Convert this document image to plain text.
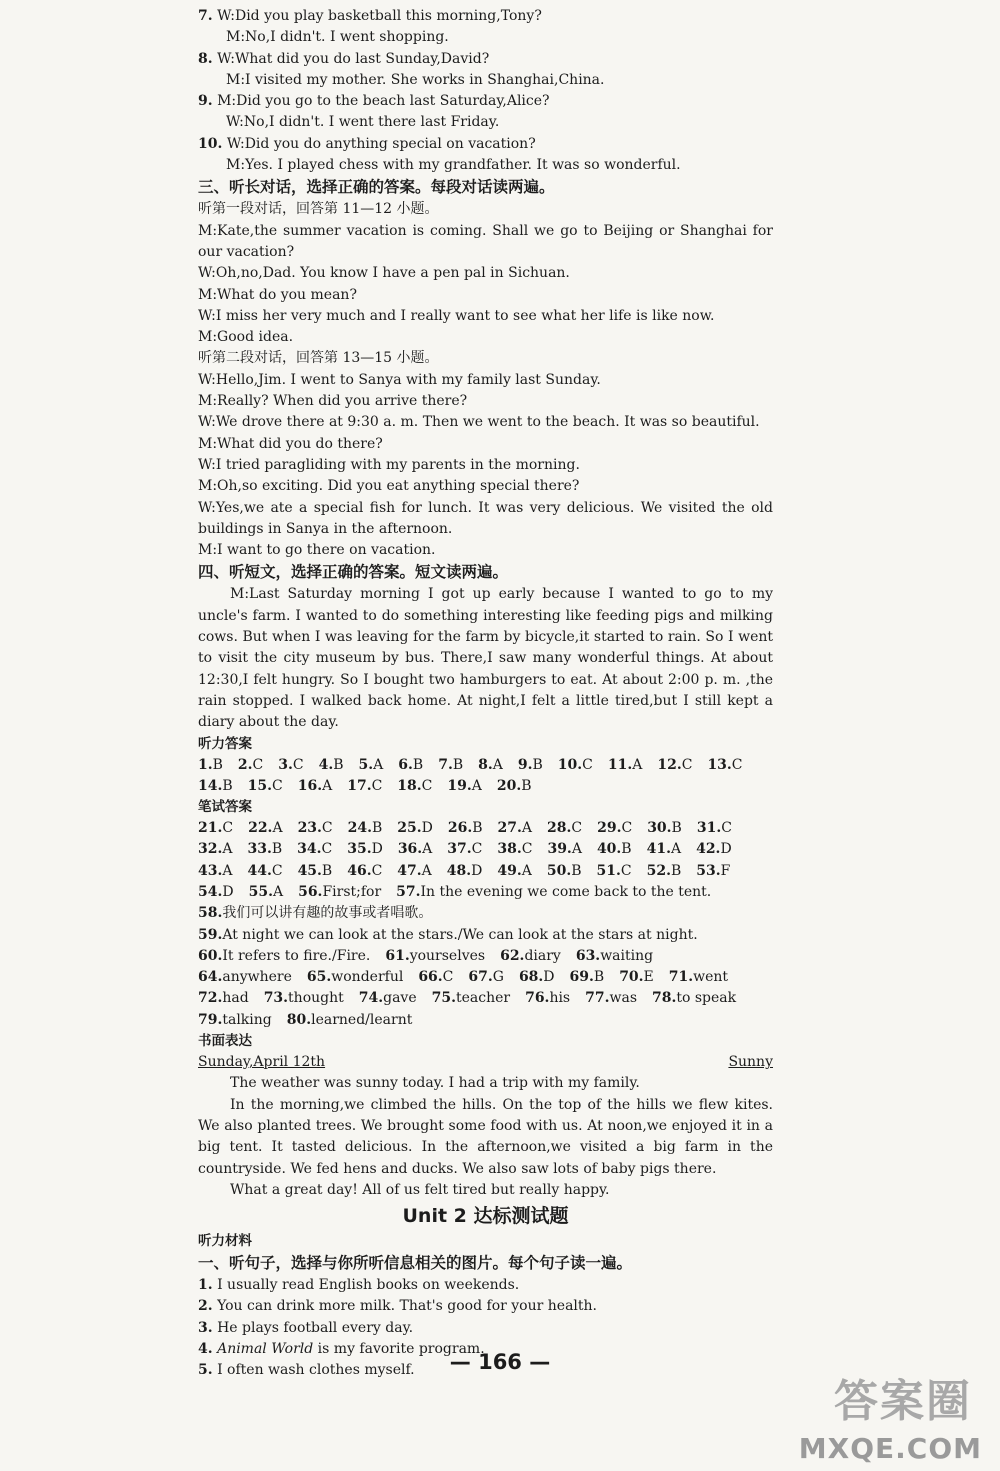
7. W:Did you play basketball this morning,Tony?
M:No,I didn't. I went shopping.
8. W:What did you do last Sunday,David?
M:I visited my mother. She works in Shanghai,China.
9. M:Did you go to the beach last Saturday,Alice?
W:No,I didn't. I went there last Friday.
10. W:Did you do anything special on vacation?
M:Yes. I played chess with my grandfather. It was so wonderful.
三、听长对话，选择正确的答案。每段对话读两遍。
听第一段对话，回答第 11—12 小题。
M:Kate,the summer vacation is coming. Shall we go to Beijing or Shanghai for our vacation?
W:Oh,no,Dad. You know I have a pen pal in Sichuan.
M:What do you mean?
W:I miss her very much and I really want to see what her life is like now.
M:Good idea.
听第二段对话，回答第 13—15 小题。
W:Hello,Jim. I went to Sanya with my family last Sunday.
M:Really? When did you arrive there?
W:We drove there at 9:30 a. m. Then we went to the beach. It was so beautiful.
M:What did you do there?
W:I tried paragliding with my parents in the morning.
M:Oh,so exciting. Did you eat anything special there?
W:Yes,we ate a special fish for lunch. It was very delicious. We visited the old buildings in Sanya in the afternoon.
M:I want to go there on vacation.
四、听短文，选择正确的答案。短文读两遍。
M:Last Saturday morning I got up early because I wanted to go to my uncle's farm. I wanted to do something interesting like feeding pigs and milking cows. But when I was leaving for the farm by bicycle,it started to rain. So I went to visit the city museum by bus. There,I saw many wonderful things. At about 12:30,I felt hungry. So I bought two hamburgers to eat. At about 2:00 p. m. ,the rain stopped. I walked back home. At night,I felt a little tired,but I still kept a diary about the day.
听力答案
1.B 2.C 3.C 4.B 5.A 6.B 7.B 8.A 9.B 10.C 11.A 12.C 13.C
14.B 15.C 16.A 17.C 18.C 19.A 20.B
笔试答案
21.C 22.A 23.C 24.B 25.D 26.B 27.A 28.C 29.C 30.B 31.C
32.A 33.B 34.C 35.D 36.A 37.C 38.C 39.A 40.B 41.A 42.D
43.A 44.C 45.B 46.C 47.A 48.D 49.A 50.B 51.C 52.B 53.F
54.D 55.A 56.First;for 57.In the evening we come back to the tent.
58.我们可以讲有趣的故事或者唱歌。
59.At night we can look at the stars./We can look at the stars at night.
60.It refers to fire./Fire. 61.yourselves 62.diary 63.waiting
64.anywhere 65.wonderful 66.C 67.G 68.D 69.B 70.E 71.went
72.had 73.thought 74.gave 75.teacher 76.his 77.was 78.to speak
79.talking 80.learned/learnt
书面表达
Sunday,April 12th	Sunny
The weather was sunny today. I had a trip with my family.
In the morning,we climbed the hills. On the top of the hills we flew kites. We also planted trees. We brought some food with us. At noon,we enjoyed it in a big tent. It tasted delicious. In the afternoon,we visited a big farm in the countryside. We fed hens and ducks. We also saw lots of baby pigs there.
What a great day! All of us felt tired but really happy.
Unit 2 达标测试题
听力材料
一、听句子，选择与你所听信息相关的图片。每个句子读一遍。
1. I usually read English books on weekends.
2. You can drink more milk. That's good for your health.
3. He plays football every day.
4. Animal World is my favorite program.
5. I often wash clothes myself.	— 166 —
答案圈
MXQE.COM
